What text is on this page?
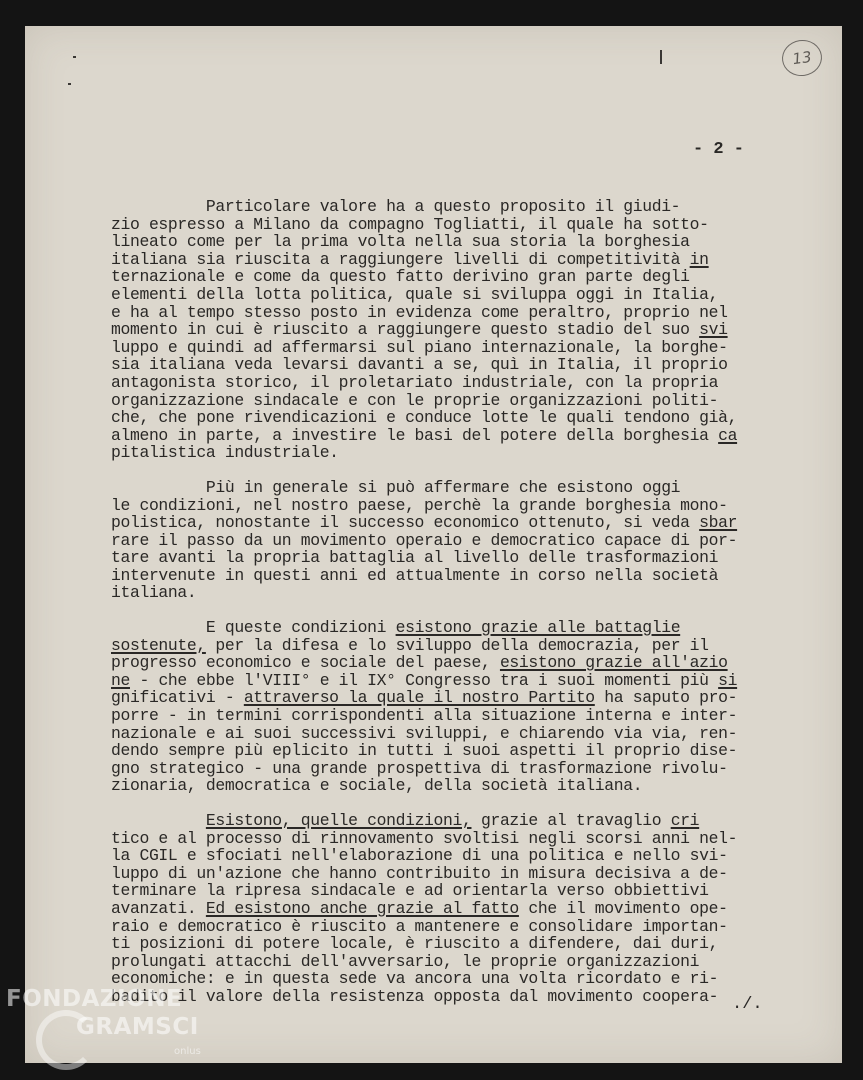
13
- 2 -

Particolare valore ha a questo proposito il giudi-
zio espresso a Milano da compagno Togliatti, il quale ha sotto-
lineato come per la prima volta nella sua storia la borghesia
italiana sia riuscita a raggiungere livelli di competitività in
ternazionale e come da questo fatto derivino gran parte degli
elementi della lotta politica, quale si sviluppa oggi in Italia,
e ha al tempo stesso posto in evidenza come peraltro, proprio nel
momento in cui è riuscito a raggiungere questo stadio del suo svi
luppo e quindi ad affermarsi sul piano internazionale, la borghe-
sia italiana veda levarsi davanti a se, quì in Italia, il proprio
antagonista storico, il proletariato industriale, con la propria
organizzazione sindacale e con le proprie organizzazioni politi-
che, che pone rivendicazioni e conduce lotte le quali tendono già,
almeno in parte, a investire le basi del potere della borghesia ca
pitalistica industriale.

Più in generale si può affermare che esistono oggi
le condizioni, nel nostro paese, perchè la grande borghesia mono-
polistica, nonostante il successo economico ottenuto, si veda sbar
rare il passo da un movimento operaio e democratico capace di por-
tare avanti la propria battaglia al livello delle trasformazioni
intervenute in questi anni ed attualmente in corso nella società
italiana.

E queste condizioni esistono grazie alle battaglie
sostenute, per la difesa e lo sviluppo della democrazia, per il
progresso economico e sociale del paese, esistono grazie all'azio
ne - che ebbe l'VIII° e il IX° Congresso tra i suoi momenti più si
gnificativi - attraverso la quale il nostro Partito ha saputo pro-
porre - in termini corrispondenti alla situazione interna e inter-
nazionale e ai suoi successivi sviluppi, e chiarendo via via, ren-
dendo sempre più eplicito in tutti i suoi aspetti il proprio dise-
gno strategico - una grande prospettiva di trasformazione rivolu-
zionaria, democratica e sociale, della società italiana.

Esistono, quelle condizioni, grazie al travaglio cri
tico e al processo di rinnovamento svoltisi negli scorsi anni nel-
la CGIL e sfociati nell'elaborazione di una politica e nello svi-
luppo di un'azione che hanno contribuito in misura decisiva a de-
terminare la ripresa sindacale e ad orientarla verso obbiettivi
avanzati. Ed esistono anche grazie al fatto che il movimento ope-
raio e democratico è riuscito a mantenere e consolidare importan-
ti posizioni di potere locale, è riuscito a difendere, dai duri,
prolungati attacchi dell'avversario, le proprie organizzazioni
economiche: e in questa sede va ancora una volta ricordato e ri-
badito il valore della resistenza opposta dal movimento coopera- ./.
FONDAZIONE
GRAMSCI
onlus
